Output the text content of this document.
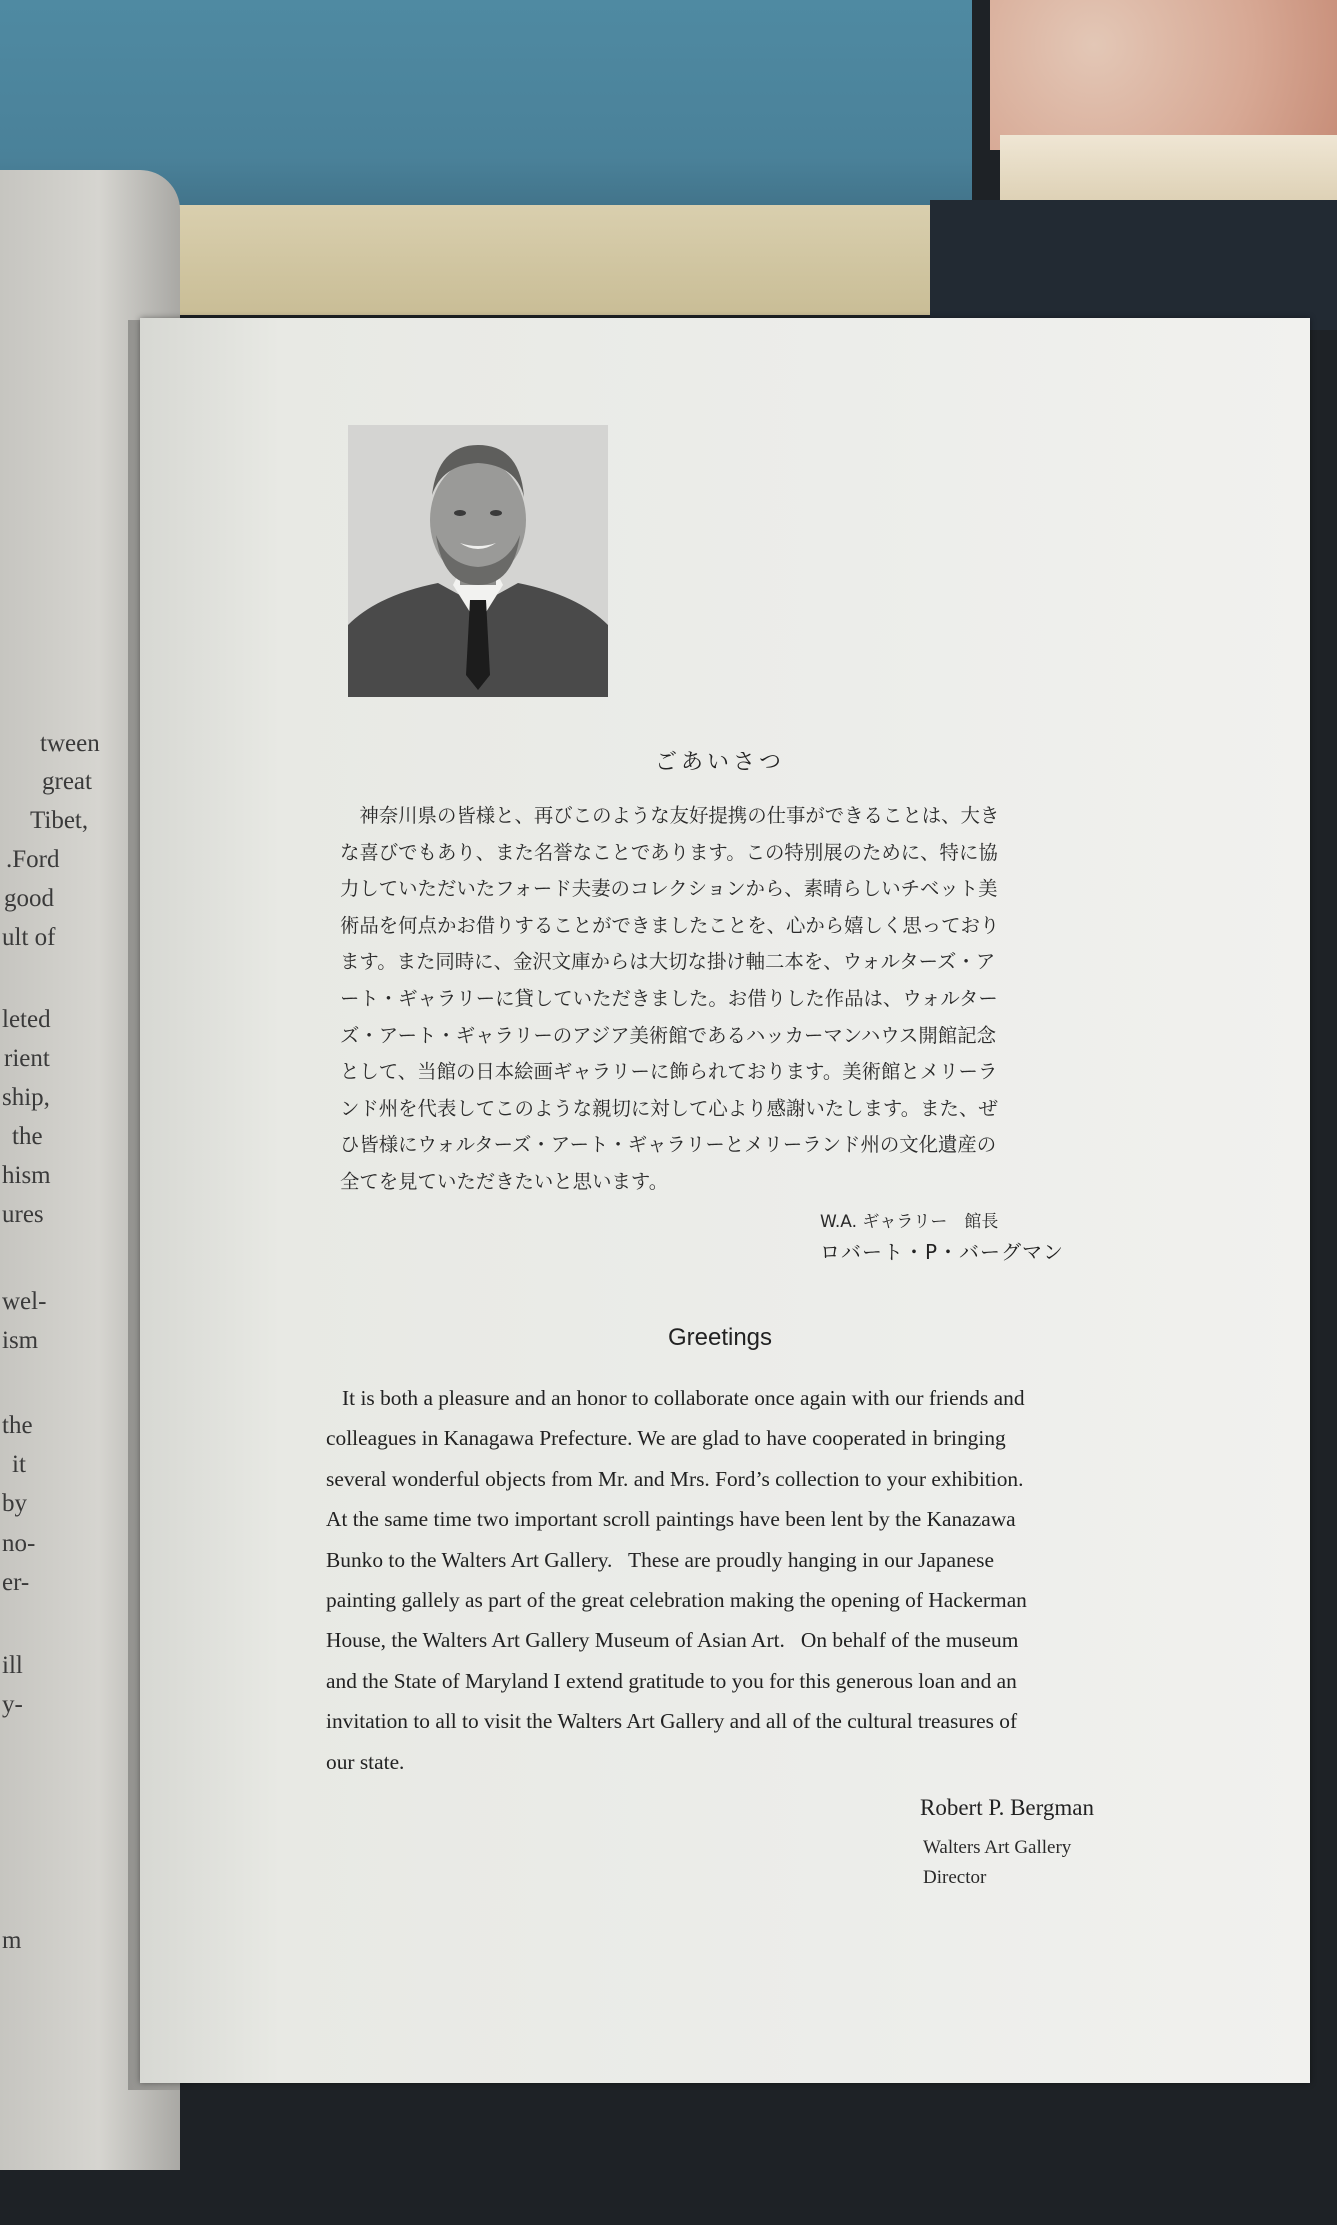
tween
great
Tibet,
.Ford
good
ult of
leted
rient
ship,
the
hism
ures
wel-
ism
the
it
by
no-
er-
ill
y-
m
ごあいさつ

　神奈川県の皆様と、再びこのような友好提携の仕事ができることは、大き

な喜びでもあり、また名誉なことであります。この特別展のために、特に協

力していただいたフォード夫妻のコレクションから、素晴らしいチベット美

術品を何点かお借りすることができましたことを、心から嬉しく思っており

ます。また同時に、金沢文庫からは大切な掛け軸二本を、ウォルターズ・ア

ート・ギャラリーに貸していただきました。お借りした作品は、ウォルター

ズ・アート・ギャラリーのアジア美術館であるハッカーマンハウス開館記念

として、当館の日本絵画ギャラリーに飾られております。美術館とメリーラ

ンド州を代表してこのような親切に対して心より感謝いたします。また、ぜ

ひ皆様にウォルターズ・アート・ギャラリーとメリーランド州の文化遺産の

全てを見ていただきたいと思います。

W.A. ギャラリー　館長
ロバート・P・バーグマン
Greetings

It is both a pleasure and an honor to collaborate once again with our friends and

colleagues in Kanagawa Prefecture. We are glad to have cooperated in bringing

several wonderful objects from Mr. and Mrs. Ford’s collection to your exhibition.

At the same time two important scroll paintings have been lent by the Kanazawa

Bunko to the Walters Art Gallery.   These are proudly hanging in our Japanese

painting gallely as part of the great celebration making the opening of Hackerman

House, the Walters Art Gallery Museum of Asian Art.   On behalf of the museum

and the State of Maryland I extend gratitude to you for this generous loan and an

invitation to all to visit the Walters Art Gallery and all of the cultural treasures of

our state.

Robert P. Bergman
Walters Art Gallery
Director
